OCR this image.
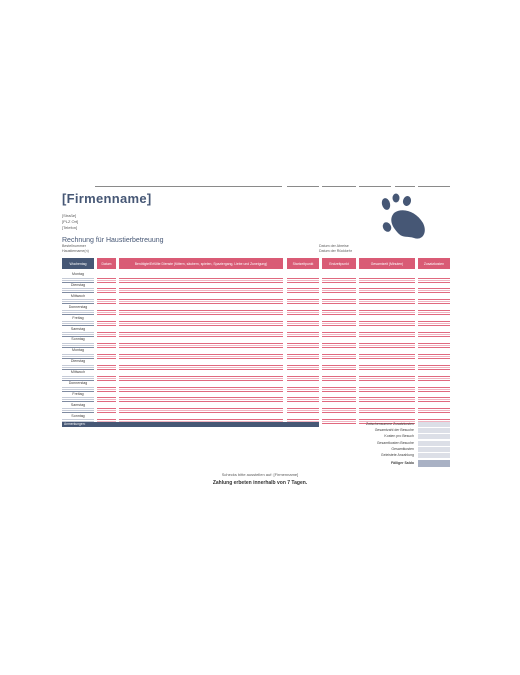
[Firmenname]
[Straße]
[PLZ Ort]
[Telefon]
Rechnung für Haustierbetreuung
Bestellnummer
Haustiername(n)
Datum der Abreise
Datum der Rückkehr
Wochentag	Datum	Benötigte/Erfüllte Dienste (füttern, säubern, spielen, Spaziergang, Liebe und Zuneigung)	Startzeitpunkt	Endzeitpunkt	Gesamtzeit (Minuten)	Zusatzkosten
Montag
Dienstag
Mittwoch
Donnerstag
Freitag
Samstag
Sonntag
Montag
Dienstag
Mittwoch
Donnerstag
Freitag
Samstag
Sonntag
Anmerkungen:	Zwischensumme Zusatzkosten
Gesamtzahl der Besuche
Kosten pro Besuch
Gesamtkosten Besuche
Gesamtkosten
Geleistete Anzahlung
Fälliger Saldo
Schecks bitte ausstellen auf: [Firmenname]
Zahlung erbeten innerhalb von 7 Tagen.
